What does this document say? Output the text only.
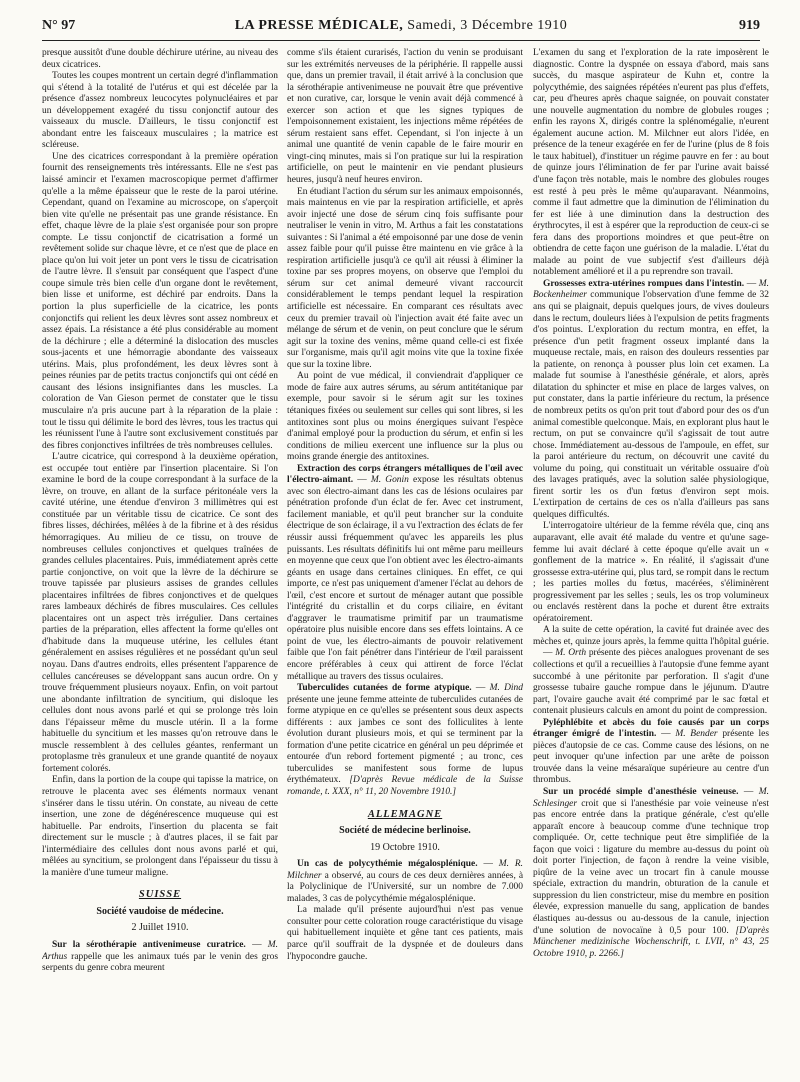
N° 97	LA PRESSE MÉDICALE, Samedi, 3 Décembre 1910	919

presque aussitôt d'une double déchirure utérine, au niveau des deux cicatrices.

Toutes les coupes montrent un certain degré d'inflammation qui s'étend à la totalité de l'utérus et qui est décelée par la présence d'assez nombreux leucocytes polynucléaires et par un développement exagéré du tissu conjonctif autour des vaisseaux du muscle. D'ailleurs, le tissu conjonctif est abondant entre les faisceaux musculaires ; la matrice est scléreuse.

Une des cicatrices correspondant à la première opération fournit des renseignements très intéressants. Elle ne s'est pas laissé amincir et l'examen macroscopique permet d'affirmer qu'elle a la même épaisseur que le reste de la paroi utérine. Cependant, quand on l'examine au microscope, on s'aperçoit bien vite qu'elle ne présentait pas une grande résistance. En effet, chaque lèvre de la plaie s'est organisée pour son propre compte. Le tissu conjonctif de cicatrisation a formé un revêtement solide sur chaque lèvre, et ce n'est que de place en place qu'on lui voit jeter un pont vers le tissu de cicatrisation de l'autre lèvre. Il s'ensuit par conséquent que l'aspect d'une coupe simule très bien celle d'un organe dont le revêtement, bien lisse et uniforme, est déchiré par endroits. Dans la portion la plus superficielle de la cicatrice, les ponts conjonctifs qui relient les deux lèvres sont assez nombreux et assez épais. La résistance a été plus considérable au moment de la déchirure ; elle a déterminé la dislocation des muscles sous-jacents et une hémorragie abondante des vaisseaux utérins. Mais, plus profondément, les deux lèvres sont à peines réunies par de petits tractus conjonctifs qui ont cédé en causant des lésions insignifiantes dans les muscles. La coloration de Van Gieson permet de constater que le tissu musculaire n'a pris aucune part à la réparation de la plaie : tout le tissu qui délimite le bord des lèvres, tous les tractus qui les réunissent l'une à l'autre sont exclusivement constitués par des fibres conjonctives infiltrées de très nombreuses cellules.

L'autre cicatrice, qui correspond à la deuxième opération, est occupée tout entière par l'insertion placentaire. Si l'on examine le bord de la coupe correspondant à la surface de la lèvre, on trouve, en allant de la surface péritonéale vers la cavité utérine, une étendue d'environ 3 millimètres qui est constituée par un véritable tissu de cicatrice. Ce sont des fibres lisses, déchirées, mêlées à de la fibrine et à des résidus hémorragiques. Au milieu de ce tissu, on trouve de nombreuses cellules conjonctives et quelques traînées de grandes cellules placentaires. Puis, immédiatement après cette partie conjonctive, on voit que la lèvre de la déchirure se trouve tapissée par plusieurs assises de grandes cellules placentaires infiltrées de fibres conjonctives et de quelques rares lambeaux déchirés de fibres musculaires. Ces cellules placentaires ont un aspect très irrégulier. Dans certaines parties de la préparation, elles affectent la forme qu'elles ont d'habitude dans la muqueuse utérine, les cellules étant généralement en assises régulières et ne possédant qu'un seul noyau. Dans d'autres endroits, elles présentent l'apparence de cellules cancéreuses se développant sans aucun ordre. On y trouve fréquemment plusieurs noyaux. Enfin, on voit partout une abondante infiltration de syncitium, qui disloque les cellules dont nous avons parlé et qui se prolonge très loin dans l'épaisseur même du muscle utérin. Il a la forme habituelle du syncitium et les masses qu'on retrouve dans le muscle ressemblent à des cellules géantes, renfermant un protoplasme très granuleux et une grande quantité de noyaux fortement colorés.

Enfin, dans la portion de la coupe qui tapisse la matrice, on retrouve le placenta avec ses éléments normaux venant s'insérer dans le tissu utérin. On constate, au niveau de cette insertion, une zone de dégénérescence muqueuse qui est habituelle. Par endroits, l'insertion du placenta se fait directement sur le muscle ; à d'autres places, il se fait par l'intermédiaire des cellules dont nous avons parlé et qui, mêlées au syncitium, se prolongent dans l'épaisseur du tissu à la manière d'une tumeur maligne.

SUISSE
Société vaudoise de médecine.
2 Juillet 1910.

Sur la sérothérapie antivenimeuse curatrice. — M. Arthus rappelle que les animaux tués par le venin des gros serpents du genre cobra meurent

comme s'ils étaient curarisés, l'action du venin se produisant sur les extrémités nerveuses de la périphérie. Il rappelle aussi que, dans un premier travail, il était arrivé à la conclusion que la sérothérapie antivenimeuse ne pouvait être que préventive et non curative, car, lorsque le venin avait déjà commencé à exercer son action et que les signes typiques de l'empoisonnement existaient, les injections même répétées de sérum restaient sans effet. Cependant, si l'on injecte à un animal une quantité de venin capable de le faire mourir en vingt-cinq minutes, mais si l'on pratique sur lui la respiration artificielle, on peut le maintenir en vie pendant plusieurs heures, jusqu'à neuf heures environ.

En étudiant l'action du sérum sur les animaux empoisonnés, mais maintenus en vie par la respiration artificielle, et après avoir injecté une dose de sérum cinq fois suffisante pour neutraliser le venin in vitro, M. Arthus a fait les constatations suivantes : Si l'animal a été empoisonné par une dose de venin assez faible pour qu'il puisse être maintenu en vie grâce à la respiration artificielle jusqu'à ce qu'il ait réussi à éliminer la toxine par ses propres moyens, on observe que l'emploi du sérum sur cet animal demeuré vivant raccourcit considérablement le temps pendant lequel la respiration artificielle est nécessaire. En comparant ces résultats avec ceux du premier travail où l'injection avait été faite avec un mélange de sérum et de venin, on peut conclure que le sérum agit sur la toxine des venins, même quand celle-ci est fixée sur l'organisme, mais qu'il agit moins vite que la toxine fixée que sur la toxine libre.

Au point de vue médical, il conviendrait d'appliquer ce mode de faire aux autres sérums, au sérum antitétanique par exemple, pour savoir si le sérum agit sur les toxines tétaniques fixées ou seulement sur celles qui sont libres, si les antitoxines sont plus ou moins énergiques suivant l'espèce d'animal employé pour la production du sérum, et enfin si les conditions de milieu exercent une influence sur la plus ou moins grande énergie des antitoxines.

Extraction des corps étrangers métalliques de l'œil avec l'électro-aimant. — M. Gonin expose les résultats obtenus avec son électro-aimant dans les cas de lésions oculaires par pénétration profonde d'un éclat de fer. Avec cet instrument, facilement maniable, et qu'il peut brancher sur la conduite électrique de son éclairage, il a vu l'extraction des éclats de fer réussir aussi fréquemment qu'avec les appareils les plus puissants. Les résultats définitifs lui ont même paru meilleurs en moyenne que ceux que l'on obtient avec les électro-aimants géants en usage dans certaines cliniques. En effet, ce qui importe, ce n'est pas uniquement d'amener l'éclat au dehors de l'œil, c'est encore et surtout de ménager autant que possible l'intégrité du cristallin et du corps ciliaire, en évitant d'aggraver le traumatisme primitif par un traumatisme opératoire plus nuisible encore dans ses effets lointains. A ce point de vue, les électro-aimants de pouvoir relativement faible que l'on fait pénétrer dans l'intérieur de l'œil paraissent encore préférables à ceux qui attirent de force l'éclat métallique au travers des tissus oculaires.

Tuberculides cutanées de forme atypique. — M. Dind présente une jeune femme atteinte de tuberculides cutanées de forme atypique en ce qu'elles se présentent sous deux aspects différents : aux jambes ce sont des folliculites à lente évolution durant plusieurs mois, et qui se terminent par la formation d'une petite cicatrice en général un peu déprimée et entourée d'un rebord fortement pigmenté ; au tronc, ces tuberculides se manifestent sous forme de lupus érythémateux. [D'après Revue médicale de la Suisse romande, t. XXX, n° 11, 20 Novembre 1910.]

ALLEMAGNE
Société de médecine berlinoise.
19 Octobre 1910.

Un cas de polycythémie mégalosplénique. — M. R. Milchner a observé, au cours de ces deux dernières années, à la Polyclinique de l'Université, sur un nombre de 7.000 malades, 3 cas de polycythémie mégalosplénique.

La malade qu'il présente aujourd'hui n'est pas venue consulter pour cette coloration rouge caractéristique du visage qui habituellement inquiète et gêne tant ces patients, mais parce qu'il souffrait de la dyspnée et de douleurs dans l'hypocondre gauche.

L'examen du sang et l'exploration de la rate imposèrent le diagnostic. Contre la dyspnée on essaya d'abord, mais sans succès, du masque aspirateur de Kuhn et, contre la polycythémie, des saignées répétées n'eurent pas plus d'effets, car, peu d'heures après chaque saignée, on pouvait constater une nouvelle augmentation du nombre de globules rouges ; enfin les rayons X, dirigés contre la splénomégalie, n'eurent également aucune action. M. Milchner eut alors l'idée, en présence de la teneur exagérée en fer de l'urine (plus de 8 fois le taux habituel), d'instituer un régime pauvre en fer : au bout de quinze jours l'élimination de fer par l'urine avait baissé d'une façon très notable, mais le nombre des globules rouges est resté à peu près le même qu'auparavant. Néanmoins, comme il faut admettre que la diminution de l'élimination du fer est liée à une diminution dans la destruction des érythrocytes, il est à espérer que la reproduction de ceux-ci se fera dans des proportions moindres et que peut-être on obtiendra de cette façon une guérison de la maladie. L'état du malade au point de vue subjectif s'est d'ailleurs déjà notablement amélioré et il a pu reprendre son travail.

Grossesses extra-utérines rompues dans l'intestin. — M. Bockenheimer communique l'observation d'une femme de 32 ans qui se plaignait, depuis quelques jours, de vives douleurs dans le rectum, douleurs liées à l'expulsion de petits fragments d'os pointus. L'exploration du rectum montra, en effet, la présence d'un petit fragment osseux implanté dans la muqueuse rectale, mais, en raison des douleurs ressenties par la patiente, on renonça à pousser plus loin cet examen. La malade fut soumise à l'anesthésie générale, et alors, après dilatation du sphincter et mise en place de larges valves, on put constater, dans la partie inférieure du rectum, la présence de nombreux petits os qu'on prit tout d'abord pour des os d'un animal comestible quelconque. Mais, en explorant plus haut le rectum, on put se convaincre qu'il s'agissait de tout autre chose. Immédiatement au-dessous de l'ampoule, en effet, sur la paroi antérieure du rectum, on découvrit une cavité du volume du poing, qui constituait un véritable ossuaire d'où des lavages pratiqués, avec la solution salée physiologique, firent sortir les os d'un fœtus d'environ sept mois. L'extirpation de certains de ces os n'alla d'ailleurs pas sans quelques difficultés.

L'interrogatoire ultérieur de la femme révéla que, cinq ans auparavant, elle avait été malade du ventre et qu'une sage-femme lui avait déclaré à cette époque qu'elle avait un « gonflement de la matrice ». En réalité, il s'agissait d'une grossesse extra-utérine qui, plus tard, se rompit dans le rectum ; les parties molles du fœtus, macérées, s'éliminèrent progressivement par les selles ; seuls, les os trop volumineux ou enclavés restèrent dans la poche et durent être extraits opératoirement.

A la suite de cette opération, la cavité fut drainée avec des mèches et, quinze jours après, la femme quitta l'hôpital guérie.

— M. Orth présente des pièces analogues provenant de ses collections et qu'il a recueillies à l'autopsie d'une femme ayant succombé à une péritonite par perforation. Il s'agit d'une grossesse tubaire gauche rompue dans le jéjunum. D'autre part, l'ovaire gauche avait été comprimé par le sac fœtal et contenait plusieurs calculs en amont du point de compression.

Pyléphlébite et abcès du foie causés par un corps étranger émigré de l'intestin. — M. Bender présente les pièces d'autopsie de ce cas. Comme cause des lésions, on ne peut invoquer qu'une infection par une arête de poisson trouvée dans la veine mésaraïque supérieure au centre d'un thrombus.

Sur un procédé simple d'anesthésie veineuse. — M. Schlesinger croit que si l'anesthésie par voie veineuse n'est pas encore entrée dans la pratique générale, c'est qu'elle apparaît encore à beaucoup comme d'une technique trop compliquée. Or, cette technique peut être simplifiée de la façon que voici : ligature du membre au-dessus du point où doit porter l'injection, de façon à rendre la veine visible, piqûre de la veine avec un trocart fin à canule mousse spéciale, extraction du mandrin, obturation de la canule et suppression du lien constricteur, mise du membre en position élevée, expression manuelle du sang, application de bandes élastiques au-dessus ou au-dessous de la canule, injection d'une solution de novocaïne à 0,5 pour 100. [D'après Münchener medizinische Wochenschrift, t. LVII, n° 43, 25 Octobre 1910, p. 2266.]
